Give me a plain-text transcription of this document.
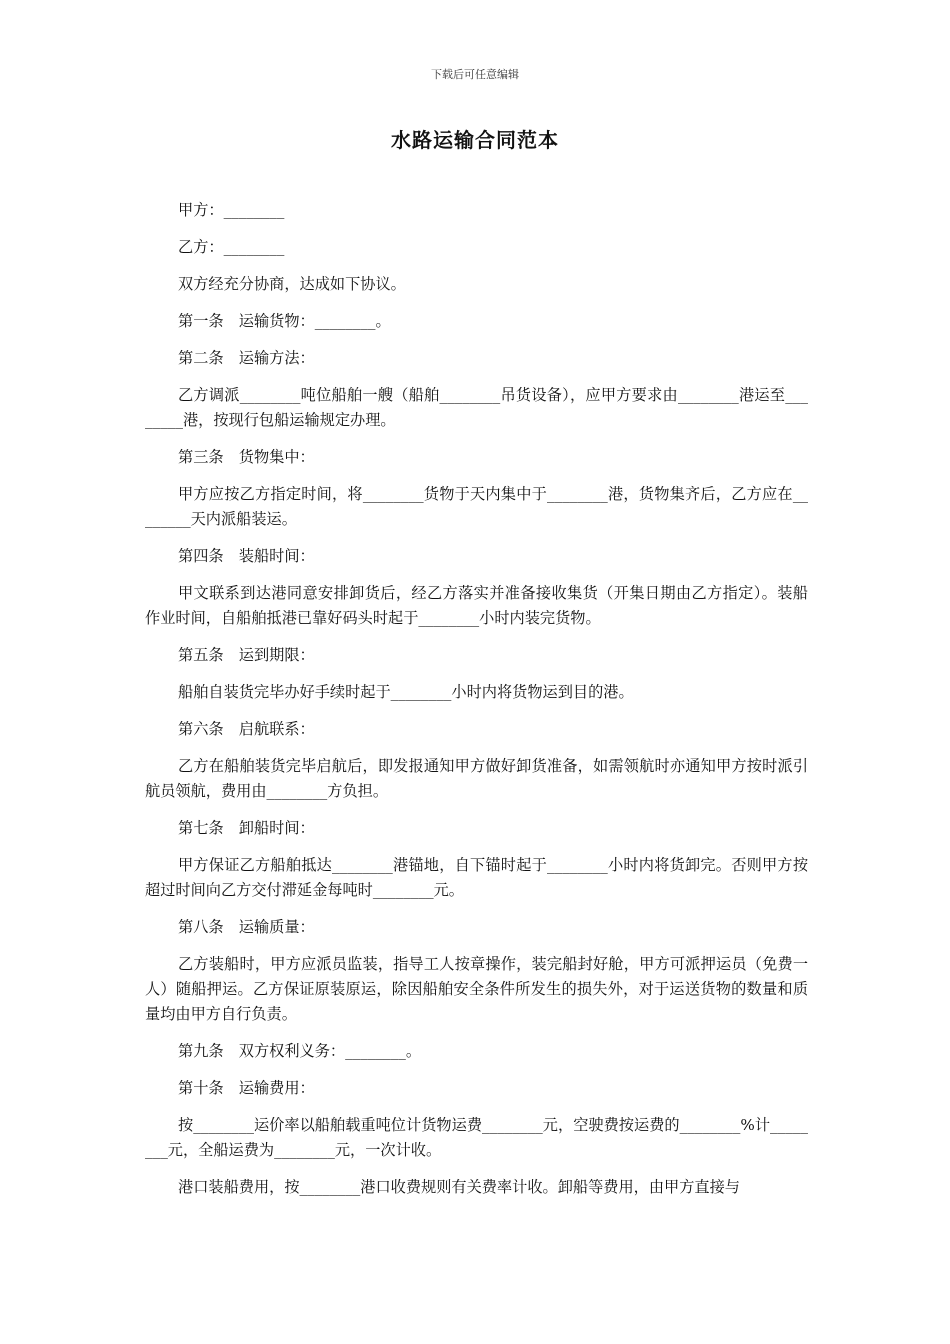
下载后可任意编辑
水路运输合同范本

甲方：________

乙方：________

双方经充分协商，达成如下协议。

第一条　运输货物：________。

第二条　运输方法：

乙方调派________吨位船舶一艘（船舶________吊货设备），应甲方要求由________港运至________港，按现行包船运输规定办理。

第三条　货物集中：

甲方应按乙方指定时间，将________货物于天内集中于________港，货物集齐后，乙方应在________天内派船装运。

第四条　装船时间：

甲文联系到达港同意安排卸货后，经乙方落实并准备接收集货（开集日期由乙方指定）。装船作业时间，自船舶抵港已靠好码头时起于________小时内装完货物。

第五条　运到期限：

船舶自装货完毕办好手续时起于________小时内将货物运到目的港。

第六条　启航联系：

乙方在船舶装货完毕启航后，即发报通知甲方做好卸货准备，如需领航时亦通知甲方按时派引航员领航，费用由________方负担。

第七条　卸船时间：

甲方保证乙方船舶抵达________港锚地，自下锚时起于________小时内将货卸完。否则甲方按超过时间向乙方交付滞延金每吨时________元。

第八条　运输质量：

乙方装船时，甲方应派员监装，指导工人按章操作，装完船封好舱，甲方可派押运员（免费一人）随船押运。乙方保证原装原运，除因船舶安全条件所发生的损失外，对于运送货物的数量和质量均由甲方自行负责。

第九条　双方权利义务：________。

第十条　运输费用：

按________运价率以船舶载重吨位计货物运费________元，空驶费按运费的________%计________元，全船运费为________元，一次计收。

港口装船费用，按________港口收费规则有关费率计收。卸船等费用，由甲方直接与
